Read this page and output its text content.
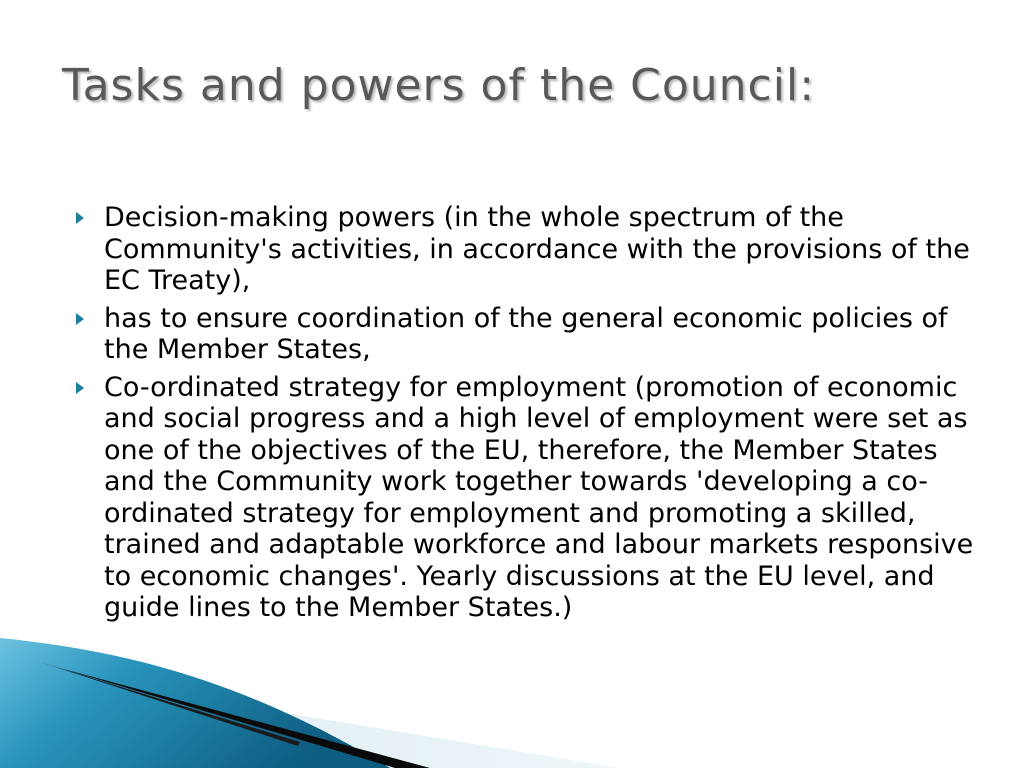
Tasks and powers of the Council:
Decision-making powers (in the whole spectrum of the Community's activities, in accordance with the provisions of the EC Treaty),
has to ensure coordination of the general economic policies of the Member States,
Co-ordinated strategy for employment (promotion of economic and social progress and a high level of employment were set as one of the objectives of the EU, therefore, the Member States and the Community work together towards 'developing a co-ordinated strategy for employment and promoting a skilled, trained and adaptable workforce and labour markets responsive to economic changes'. Yearly discussions at the EU level, and guide lines to the Member States.)
